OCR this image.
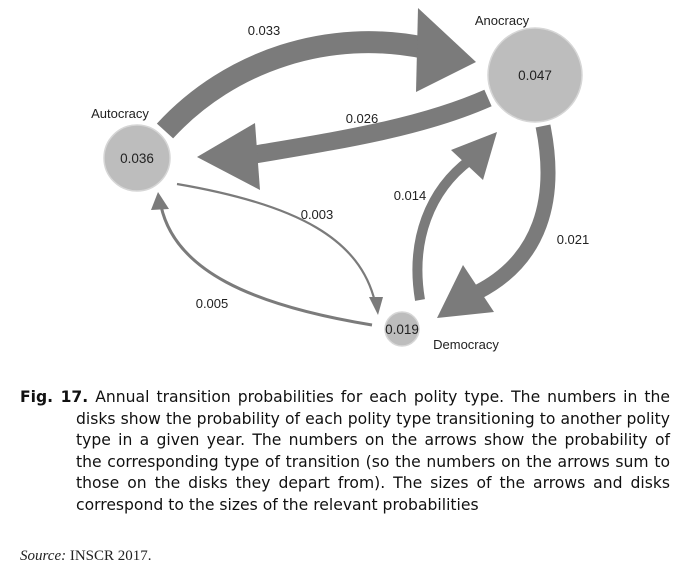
0.036
0.047
0.019
Autocracy
Anocracy
Democracy
0.033
0.026
0.021
0.014
0.003
0.005
Fig. 17. Annual transition probabilities for each polity type. The numbers in the disks show the probability of each polity type transitioning to another polity type in a given year. The numbers on the arrows show the probability of the corresponding type of transition (so the numbers on the arrows sum to those on the disks they depart from). The sizes of the arrows and disks correspond to the sizes of the relevant probabilities
Source: INSCR 2017.
